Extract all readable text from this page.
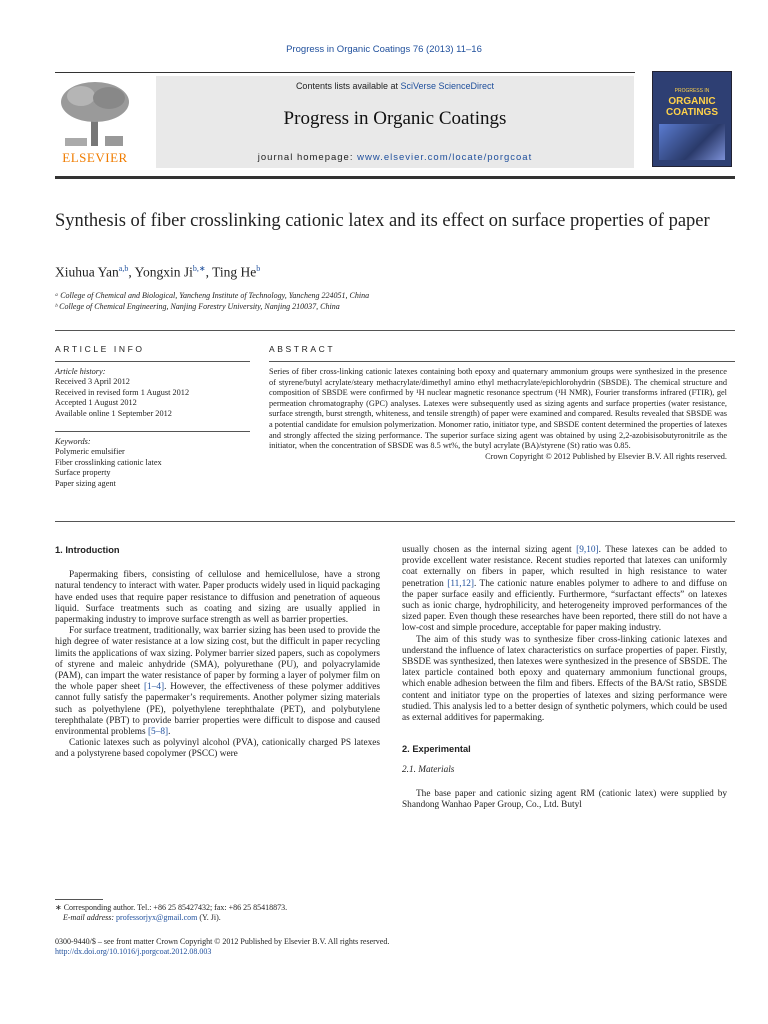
Progress in Organic Coatings 76 (2013) 11–16
ELSEVIER
Contents lists available at SciVerse ScienceDirect
Progress in Organic Coatings
journal homepage: www.elsevier.com/locate/porgcoat
PROGRESS IN
ORGANIC
COATINGS
Synthesis of fiber crosslinking cationic latex and its effect on surface properties of paper
Xiuhua Yan$^{a,b}$, Yongxin $Ji^{b,∗}$, Ting He$^b$
ᵃ College of Chemical and Biological, Yancheng Institute of Technology, Yancheng 224051, China
ᵇ College of Chemical Engineering, Nanjing Forestry University, Nanjing 210037, China
ARTICLE INFO
Article history:
Received 3 April 2012
Received in revised form 1 August 2012
Accepted 1 August 2012
Available online 1 September 2012
Keywords:
Polymeric emulsifier
Fiber crosslinking cationic latex
Surface property
Paper sizing agent
ABSTRACT
Series of fiber cross-linking cationic latexes containing both epoxy and quaternary ammonium groups were synthesized in the presence of styrene/butyl acrylate/steary methacrylate/dimethyl amino ethyl methacrylate/epichlorohydrin (SBSDE). The chemical structure and composition of SBSDE were confirmed by ¹H nuclear magnetic resonance spectrum (¹H NMR), Fourier transforms infrared (FTIR), gel permeation chromatography (GPC) analyses. Latexes were subsequently used as sizing agents and surface properties (water resistance, surface strength, burst strength, whiteness, and tensile strength) of paper were examined and compared. Results revealed that SBSDE was a potential candidate for emulsion polymerization. Monomer ratio, initiator type, and SBSDE content determined the properties of latexes and strongly affected the sizing performance. The superior surface sizing agent was obtained by using 2,2-azobisisobutyronitrile as the initiator, when the concentration of SBSDE was 8.5 wt%, the butyl acrylate (BA)/styrene (St) ratio was 0.85.
Crown Copyright © 2012 Published by Elsevier B.V. All rights reserved.
1. Introduction

Papermaking fibers, consisting of cellulose and hemicellulose, have a strong natural tendency to interact with water. Paper products widely used in liquid packaging have ended uses that require paper resistance to diffusion and penetration of aqueous liquid. Surface treatments such as coating and sizing are usually applied in papermaking industry to improve surface strength as well as barrier properties.

For surface treatment, traditionally, wax barrier sizing has been used to provide the high degree of water resistance at a low sizing cost, but the difficult in paper recycling limits the applications of wax sizing. Polymer barrier sized papers, such as copolymers of styrene and maleic anhydride (SMA), polyurethane (PU), and polyacrylamide (PAM), can impart the water resistance of paper by forming a layer of polymer film on the whole paper sheet [1–4]. However, the effectiveness of these polymer additives cannot fully satisfy the papermaker’s requirements. Another polymer sizing materials such as polyethylene (PE), polyethylene terephthalate (PET), and polybutylene terephthalate (PBT) to provide barrier properties were difficult to dispose and caused environmental problems [5–8].

Cationic latexes such as polyvinyl alcohol (PVA), cationically charged PS latexes and a polystyrene based copolymer (PSCC) were

usually chosen as the internal sizing agent [9,10]. These latexes can be added to provide excellent water resistance. Recent studies reported that latexes can uniformly coat externally on fibers in paper, which resulted in high resistance to water penetration [11,12]. The cationic nature enables polymer to adhere to and diffuse on the paper surface easily and efficiently. Furthermore, “surfactant effects” on latexes such as ionic charge, hydrophilicity, and heterogeneity improved performances of the sized paper. Even though these researches have been reported, there still do not have a low-cost and simple procedure, acceptable for paper making industry.

The aim of this study was to synthesize fiber cross-linking cationic latexes and understand the influence of latex characteristics on surface properties of paper. Firstly, SBSDE was synthesized, then latexes were synthesized in the presence of SBSDE. The latex particle contained both epoxy and quaternary ammonium functional groups, which enable adhesion between the film and fibers. Effects of the BA/St ratio, SBSDE content and initiator type on the properties of latexes and sizing performance were studied. This analysis led to a better design of synthetic polymers, which could be used as external additives for papermaking.

2. Experimental
2.1. Materials

The base paper and cationic sizing agent RM (cationic latex) were supplied by Shandong Wanhao Paper Group, Co., Ltd. Butyl

∗ Corresponding author. Tel.: +86 25 85427432; fax: +86 25 85418873.
E-mail address: professorjyx@gmail.com (Y. Ji).
0300-9440/$ – see front matter Crown Copyright © 2012 Published by Elsevier B.V. All rights reserved.
http://dx.doi.org/10.1016/j.porgcoat.2012.08.003
